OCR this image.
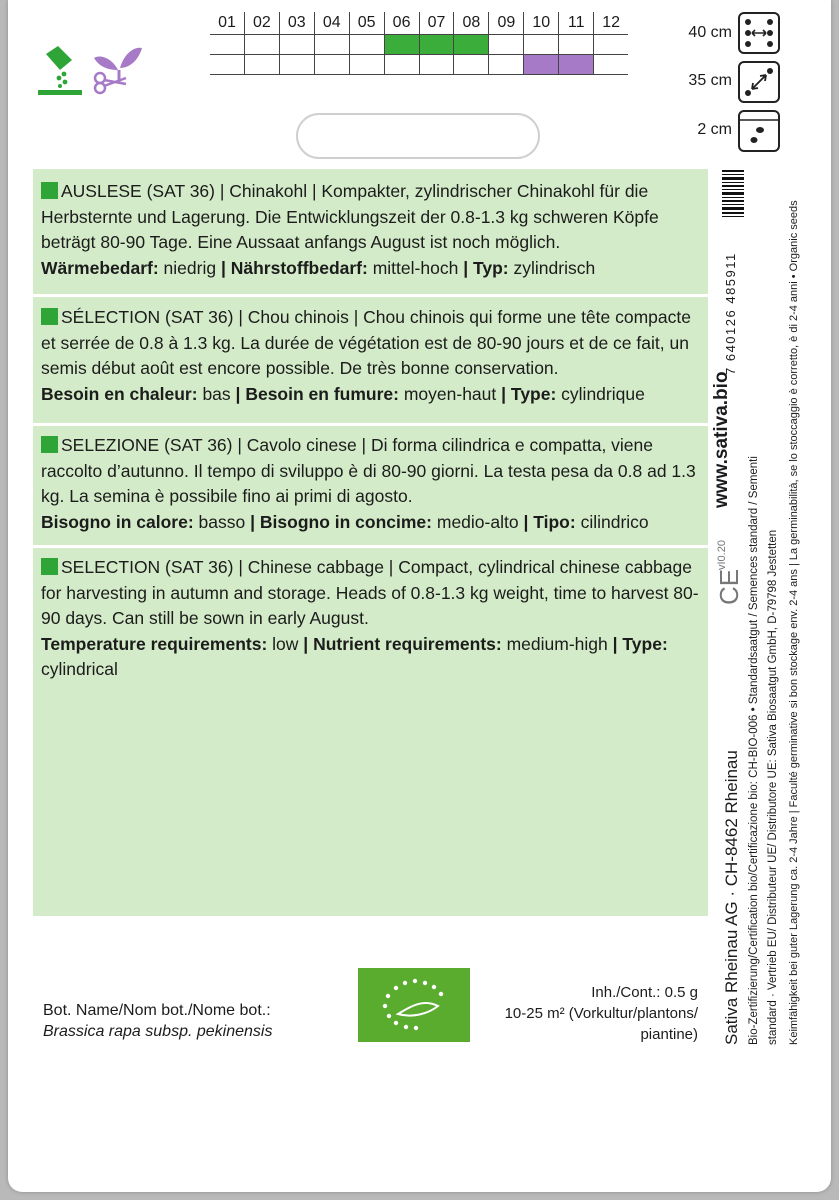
01	02	03	04	05	06	07	08	09	10	11	12
40 cm
35 cm
2 cm
AUSLESE (SAT 36) | Chinakohl | Kompakter, zylindrischer Chinakohl für die Herbsternte und Lagerung. Die Entwicklungszeit der 0.8-1.3 kg schweren Köpfe beträgt 80-90 Tage. Eine Aussaat anfangs August ist noch möglich.
Wärmebedarf: niedrig | Nährstoffbedarf: mittel-hoch | Typ: zylindrisch
SÉLECTION (SAT 36) | Chou chinois | Chou chinois qui forme une tête compacte et serrée de 0.8 à 1.3 kg. La durée de végétation est de 80-90 jours et de ce fait, un semis début août est encore possible. De très bonne conservation.
Besoin en chaleur: bas | Besoin en fumure: moyen-haut | Type: cylindrique
SELEZIONE (SAT 36) | Cavolo cinese | Di forma cilindrica e compatta, viene raccolto d’autunno. Il tempo di sviluppo è di 80-90 giorni. La testa pesa da 0.8 ad 1.3 kg. La semina è possibile fino ai primi di agosto.
Bisogno in calore: basso | Bisogno in concime: medio-alto | Tipo: cilindrico
SELECTION (SAT 36) | Chinese cabbage | Compact, cylindrical chinese cabbage for harvesting in autumn and storage. Heads of 0.8-1.3 kg weight, time to harvest 80-90 days. Can still be sown in early August.
Temperature requirements: low | Nutrient requirements: medium-high | Type: cylindrical
7 640126 485911
www.sativa.bio
vI0.20
CE
Sativa Rheinau AG · CH-8462 Rheinau Bio-Zertifizierung/Certification bio/Certificazione bio: CH-BIO-006 • Standardsaatgut / Semences standard / Sementi standard · Vertrieb EU/ Distributeur UE/ Distributore UE: Sativa Biosaatgut GmbH, D-79798 Jestetten Keimfähigkeit bei guter Lagerung ca. 2-4 Jahre | Faculté germinative si bon stockage env. 2-4 ans | La germinabilità, se lo stoccaggio è corretto, è di 2-4 anni • Organic seeds
Bot. Name/Nom bot./Nome bot.:
Brassica rapa subsp. pekinensis
Inh./Cont.: 0.5 g
10-25 m² (Vorkultur/plantons/ piantine)
